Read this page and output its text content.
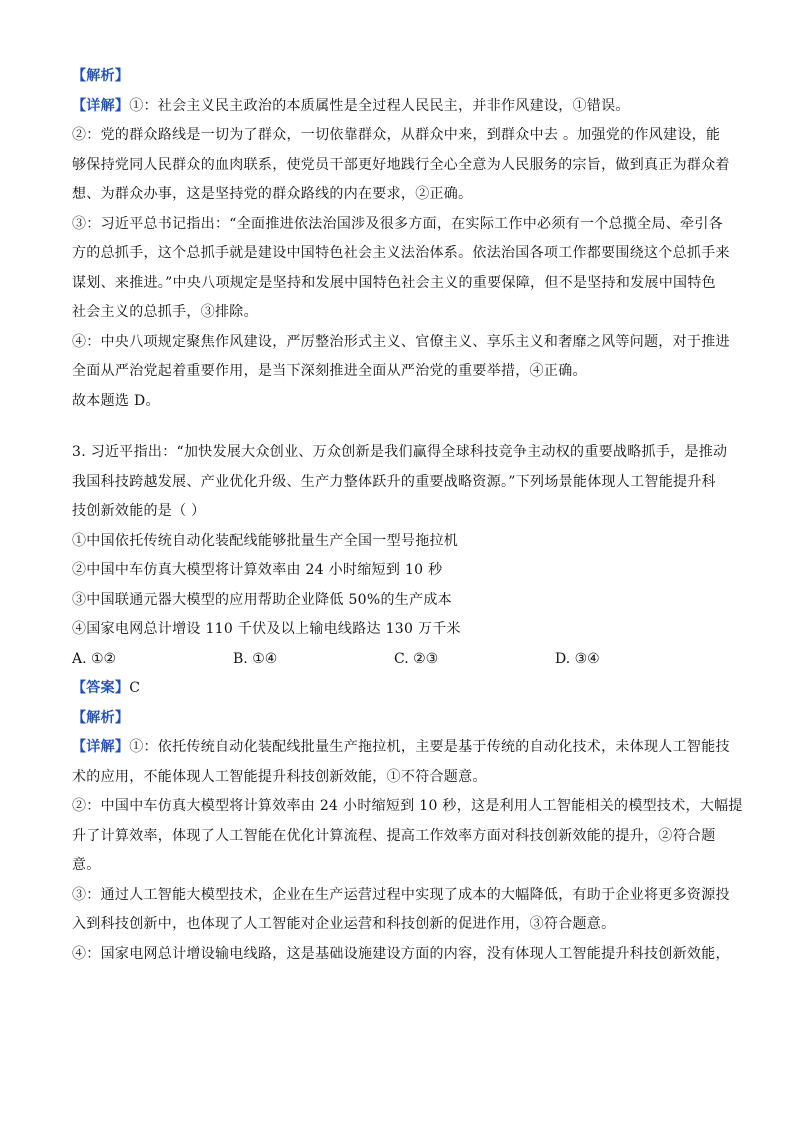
【解析】
【详解】①：社会主义民主政治的本质属性是全过程人民民主，并非作风建设，①错误。
②：党的群众路线是一切为了群众，一切依靠群众，从群众中来，到群众中去 。加强党的作风建设，能
够保持党同人民群众的血肉联系，使党员干部更好地践行全心全意为人民服务的宗旨，做到真正为群众着
想、为群众办事，这是坚持党的群众路线的内在要求，②正确。
③：习近平总书记指出：“全面推进依法治国涉及很多方面，在实际工作中必须有一个总揽全局、牵引各
方的总抓手，这个总抓手就是建设中国特色社会主义法治体系。依法治国各项工作都要围绕这个总抓手来
谋划、来推进。”中央八项规定是坚持和发展中国特色社会主义的重要保障，但不是坚持和发展中国特色
社会主义的总抓手，③排除。
④：中央八项规定聚焦作风建设，严厉整治形式主义、官僚主义、享乐主义和奢靡之风等问题，对于推进
全面从严治党起着重要作用，是当下深刻推进全面从严治党的重要举措，④正确。
故本题选 D。
3. 习近平指出：“加快发展大众创业、万众创新是我们赢得全球科技竞争主动权的重要战略抓手，是推动
我国科技跨越发展、产业优化升级、生产力整体跃升的重要战略资源。”下列场景能体现人工智能提升科
技创新效能的是（ ）
①中国依托传统自动化装配线能够批量生产全国一型号拖拉机
②中国中车仿真大模型将计算效率由 24 小时缩短到 10 秒
③中国联通元器大模型的应用帮助企业降低 50%的生产成本
④国家电网总计增设 110 千伏及以上输电线路达 130 万千米
A. ①②	B. ①④	C. ②③	D. ③④
【答案】C
【解析】
【详解】①：依托传统自动化装配线批量生产拖拉机，主要是基于传统的自动化技术，未体现人工智能技
术的应用，不能体现人工智能提升科技创新效能，①不符合题意。
②：中国中车仿真大模型将计算效率由 24 小时缩短到 10 秒，这是利用人工智能相关的模型技术，大幅提
升了计算效率，体现了人工智能在优化计算流程、提高工作效率方面对科技创新效能的提升，②符合题
意。
③：通过人工智能大模型技术，企业在生产运营过程中实现了成本的大幅降低，有助于企业将更多资源投
入到科技创新中，也体现了人工智能对企业运营和科技创新的促进作用，③符合题意。
④：国家电网总计增设输电线路，这是基础设施建设方面的内容，没有体现人工智能提升科技创新效能，
